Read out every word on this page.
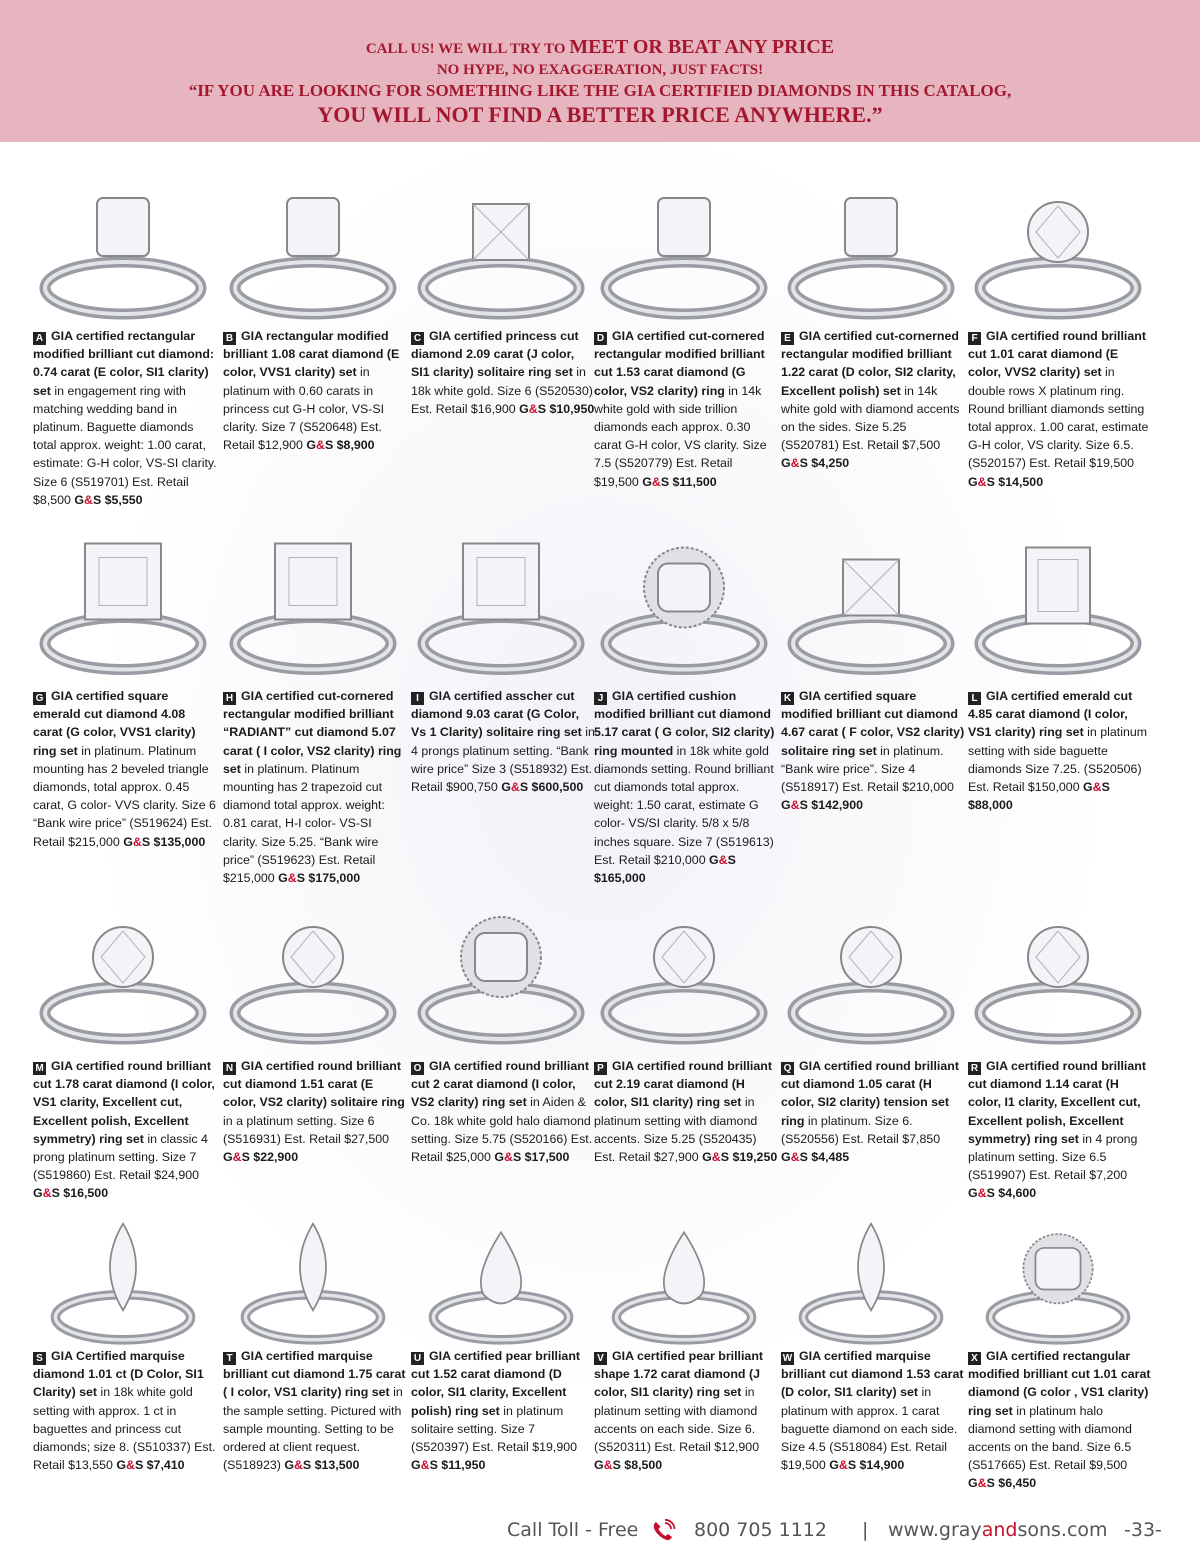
CALL US! WE WILL TRY TO MEET OR BEAT ANY PRICE
NO HYPE, NO EXAGGERATION, JUST FACTS!
“IF YOU ARE LOOKING FOR SOMETHING LIKE THE GIA CERTIFIED DIAMONDS IN THIS CATALOG,
YOU WILL NOT FIND A BETTER PRICE ANYWHERE.”
A GIA certified rectangular modified brilliant cut diamond: 0.74 carat (E color, SI1 clarity) set in engagement ring with matching wedding band in platinum. Baguette diamonds total approx. weight: 1.00 carat, estimate: G-H color, VS-SI clarity. Size 6 (S519701) Est. Retail $8,500 G&S $5,550
B GIA rectangular modified brilliant 1.08 carat diamond (E color, VVS1 clarity) set in platinum with 0.60 carats in princess cut G-H color, VS-SI clarity. Size 7 (S520648) Est. Retail $12,900 G&S $8,900
C GIA certified princess cut diamond 2.09 carat (J color, SI1 clarity) solitaire ring set in 18k white gold. Size 6 (S520530) Est. Retail $16,900 G&S $10,950
D GIA certified cut-cornered rectangular modified brilliant cut 1.53 carat diamond (G color, VS2 clarity) ring in 14k white gold with side trillion diamonds each approx. 0.30 carat G-H color, VS clarity. Size 7.5 (S520779) Est. Retail $19,500 G&S $11,500
E GIA certified cut-cornerned rectangular modified brilliant 1.22 carat (D color, SI2 clarity, Excellent polish) set in 14k white gold with diamond accents on the sides. Size 5.25 (S520781) Est. Retail $7,500 G&S $4,250
F GIA certified round brilliant cut 1.01 carat diamond (E color, VVS2 clarity) set in double rows X platinum ring. Round brilliant diamonds setting total approx. 1.00 carat, estimate G-H color, VS clarity. Size 6.5. (S520157) Est. Retail $19,500 G&S $14,500
G GIA certified square emerald cut diamond 4.08 carat (G color, VVS1 clarity) ring set in platinum. Platinum mounting has 2 beveled triangle diamonds, total approx. 0.45 carat, G color- VVS clarity. Size 6 “Bank wire price” (S519624) Est. Retail $215,000 G&S $135,000
H GIA certified cut-cornered rectangular modified brilliant “RADIANT” cut diamond 5.07 carat ( I color, VS2 clarity) ring set in platinum. Platinum mounting has 2 trapezoid cut diamond total approx. weight: 0.81 carat, H-I color- VS-SI clarity. Size 5.25. “Bank wire price” (S519623) Est. Retail $215,000 G&S $175,000
I GIA certified asscher cut diamond 9.03 carat (G Color, Vs 1 Clarity) solitaire ring set in 4 prongs platinum setting. “Bank wire price” Size 3 (S518932) Est. Retail $900,750 G&S $600,500
J GIA certified cushion modified brilliant cut diamond 5.17 carat ( G color, SI2 clarity) ring mounted in 18k white gold diamonds setting. Round brilliant cut diamonds total approx. weight: 1.50 carat, estimate G color- VS/SI clarity. 5/8 x 5/8 inches square. Size 7 (S519613) Est. Retail $210,000 G&S $165,000
K GIA certified square modified brilliant cut diamond 4.67 carat ( F color, VS2 clarity) solitaire ring set in platinum. “Bank wire price”. Size 4 (S518917) Est. Retail $210,000 G&S $142,900
L GIA certified emerald cut 4.85 carat diamond (I color, VS1 clarity) ring set in platinum setting with side baguette diamonds Size 7.25. (S520506) Est. Retail $150,000 G&S $88,000
M GIA certified round brilliant cut 1.78 carat diamond (I color, VS1 clarity, Excellent cut, Excellent polish, Excellent symmetry) ring set in classic 4 prong platinum setting. Size 7 (S519860) Est. Retail $24,900 G&S $16,500
N GIA certified round brilliant cut diamond 1.51 carat (E color, VS2 clarity) solitaire ring in a platinum setting. Size 6 (S516931) Est. Retail $27,500 G&S $22,900
O GIA certified round brilliant cut 2 carat diamond (I color, VS2 clarity) ring set in Aiden & Co. 18k white gold halo diamond setting. Size 5.75 (S520166) Est. Retail $25,000 G&S $17,500
P GIA certified round brilliant cut 2.19 carat diamond (H color, SI1 clarity) ring set in platinum setting with diamond accents. Size 5.25 (S520435) Est. Retail $27,900 G&S $19,250
Q GIA certified round brilliant cut diamond 1.05 carat (H color, SI2 clarity) tension set ring in platinum. Size 6. (S520556) Est. Retail $7,850 G&S $4,485
R GIA certified round brilliant cut diamond 1.14 carat (H color, I1 clarity, Excellent cut, Excellent polish, Excellent symmetry) ring set in 4 prong platinum setting. Size 6.5 (S519907) Est. Retail $7,200 G&S $4,600
S GIA Certified marquise diamond 1.01 ct (D Color, SI1 Clarity) set in 18k white gold setting with approx. 1 ct in baguettes and princess cut diamonds; size 8. (S510337) Est. Retail $13,550 G&S $7,410
T GIA certified marquise brilliant cut diamond 1.75 carat ( I color, VS1 clarity) ring set in the sample setting. Pictured with sample mounting. Setting to be ordered at client request. (S518923) G&S $13,500
U GIA certified pear brilliant cut 1.52 carat diamond (D color, SI1 clarity, Excellent polish) ring set in platinum solitaire setting. Size 7 (S520397) Est. Retail $19,900 G&S $11,950
V GIA certified pear brilliant shape 1.72 carat diamond (J color, SI1 clarity) ring set in platinum setting with diamond accents on each side. Size 6. (S520311) Est. Retail $12,900 G&S $8,500
W GIA certified marquise brilliant cut diamond 1.53 carat (D color, SI1 clarity) set in platinum with approx. 1 carat baguette diamond on each side. Size 4.5 (S518084) Est. Retail $19,500 G&S $14,900
X GIA certified rectangular modified brilliant cut 1.01 carat diamond (G color , VS1 clarity) ring set in platinum halo diamond setting with diamond accents on the band. Size 6.5 (S517665) Est. Retail $9,500 G&S $6,450
Call Toll - Free	800 705 1112 | www.grayandsons.com -33-
